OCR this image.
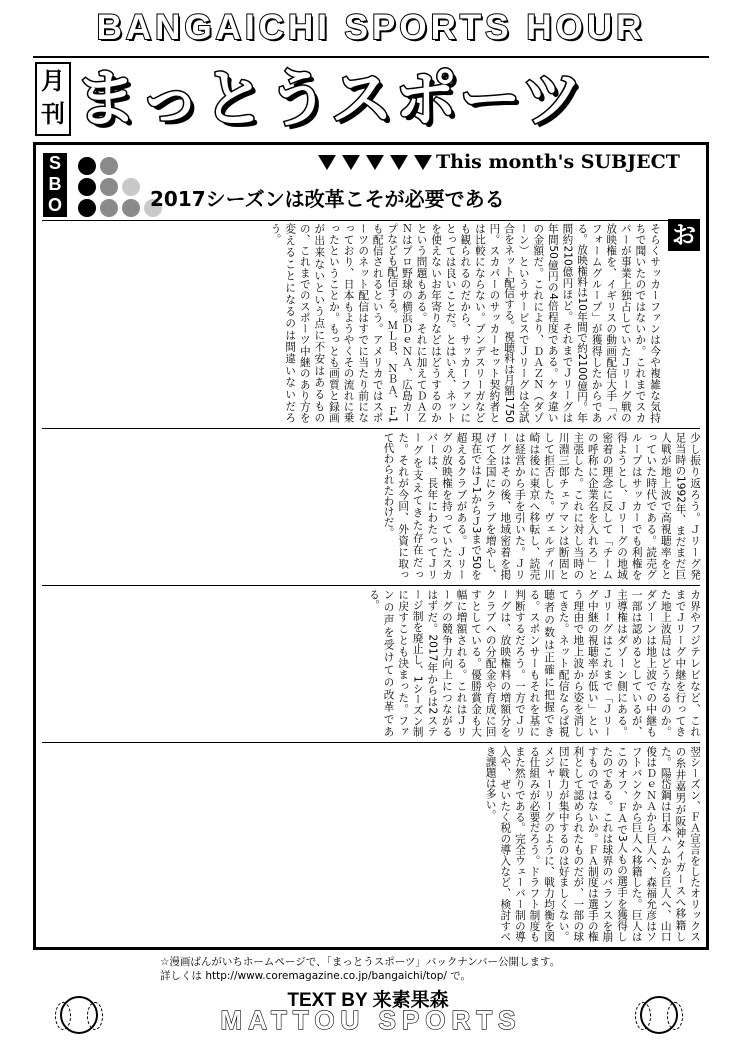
BANGAICHI SPORTS HOUR
月
刊 まっとうスポーツ
S
B
O
This month's SUBJECT
2017シーズンは改革こそが必要である
お

そらくサッカーファンは今や複雑な気持ちで聞いたのではないか。これまでスカパーが事業上独占していたＪリーグ戦の放映権を、イギリスの動画配信大手「パフォームグループ」が獲得したからである。放映権料は10年間で約2100億円。年間約210億円ほど。それまでＪリーグは年間50億円の4倍程度である。ケタ違いの金額だ。これにより、ＤＡＺＮ（ダゾーン）というサービスでＪリーグは全試合をネット配信する。視聴料は月額1750円。スカパーのサッカーセット契約者とは比較にならない。ブンデスリーガなども観られるのだから、サッカーファンにとっては良いことだ。とはいえ、ネットを使えないお年寄りなどはどうするのかという問題もある。それに加えてＤＡＺＮはプロ野球の横浜ＤｅＮＡ、広島カープなども配信する。ＭＬＢ、ＮＢＡ、Ｆ1も配信されるという。アメリカではスポーツのネット配信はすでに当たり前になっており、日本もようやくその流れに乗ったということか。もっとも画質と録画が出来ないという点に不安はあるものの、これまでのスポーツ中継のあり方を変えることになるのは間違いないだろう。

少し振り返ろう。Ｊリーグ発足当時の1992年、まだまだ巨人戦が地上波で高視聴率をとっていた時代である。読売グループはサッカーでも利権を得ようとし、Ｊリーグの地域密着の理念に反して「チームの呼称に企業名を入れろ」と主張した。これに対し当時の川淵三郎チェアマンは断固として拒否した。ヴェルディ川崎は後に東京へ移転し、読売は経営から手を引いた。Ｊリーグはその後、地域密着を掲げて全国にクラブを増やし、現在ではＪ1からＪ3まで50を超えるクラブがある。Ｊリーグの放映権を持っていたスカパーは、長年にわたってＪリーグを支えてきた存在だった。それが今回、外資に取って代わられたわけだ。

カ界やフジテレビなど、これまでＪリーグ中継を行ってきた地上波局はどうなるのか。ダゾーンは地上波での中継も一部は認めるとしているが、主導権はダゾーン側にある。Ｊリーグはこれまで「Ｊリーグ中継の視聴率が低い」という理由で地上波から姿を消してきた。ネット配信ならば視聴者の数は正確に把握できる。スポンサーもそれを基に判断するだろう。一方でＪリーグは、放映権料の増額分をクラブへの分配金や育成に回すとしている。優勝賞金も大幅に増額される。これはＪリーグの競争力向上につながるはずだ。2017年からは2ステージ制を廃止し、1シーズン制に戻すことも決まった。ファンの声を受けての改革である。

翌シーズン、ＦＡ宣言をしたオリックスの糸井嘉男が阪神タイガースへ移籍した。陽岱鋼は日本ハムから巨人へ、山口俊はＤｅＮＡから巨人へ、森福允彦はソフトバンクから巨人へ移籍した。巨人はこのオフ、ＦＡで3人もの選手を獲得したのである。これは球界のバランスを崩すものではないか。ＦＡ制度は選手の権利として認められたものだが、一部の球団に戦力が集中するのは好ましくない。メジャーリーグのように、戦力均衡を図る仕組みが必要だろう。ドラフト制度もまた然りである。完全ウェーバー制の導入や、ぜいたく税の導入など、検討すべき課題は多い。

☆漫画ばんがいちホームページで、「まっとうスポーツ」バックナンバー公開します。
詳しくは http://www.coremagazine.co.jp/bangaichi/top/ で。
TEXT BY 来素果森
MATTOU SPORTS
